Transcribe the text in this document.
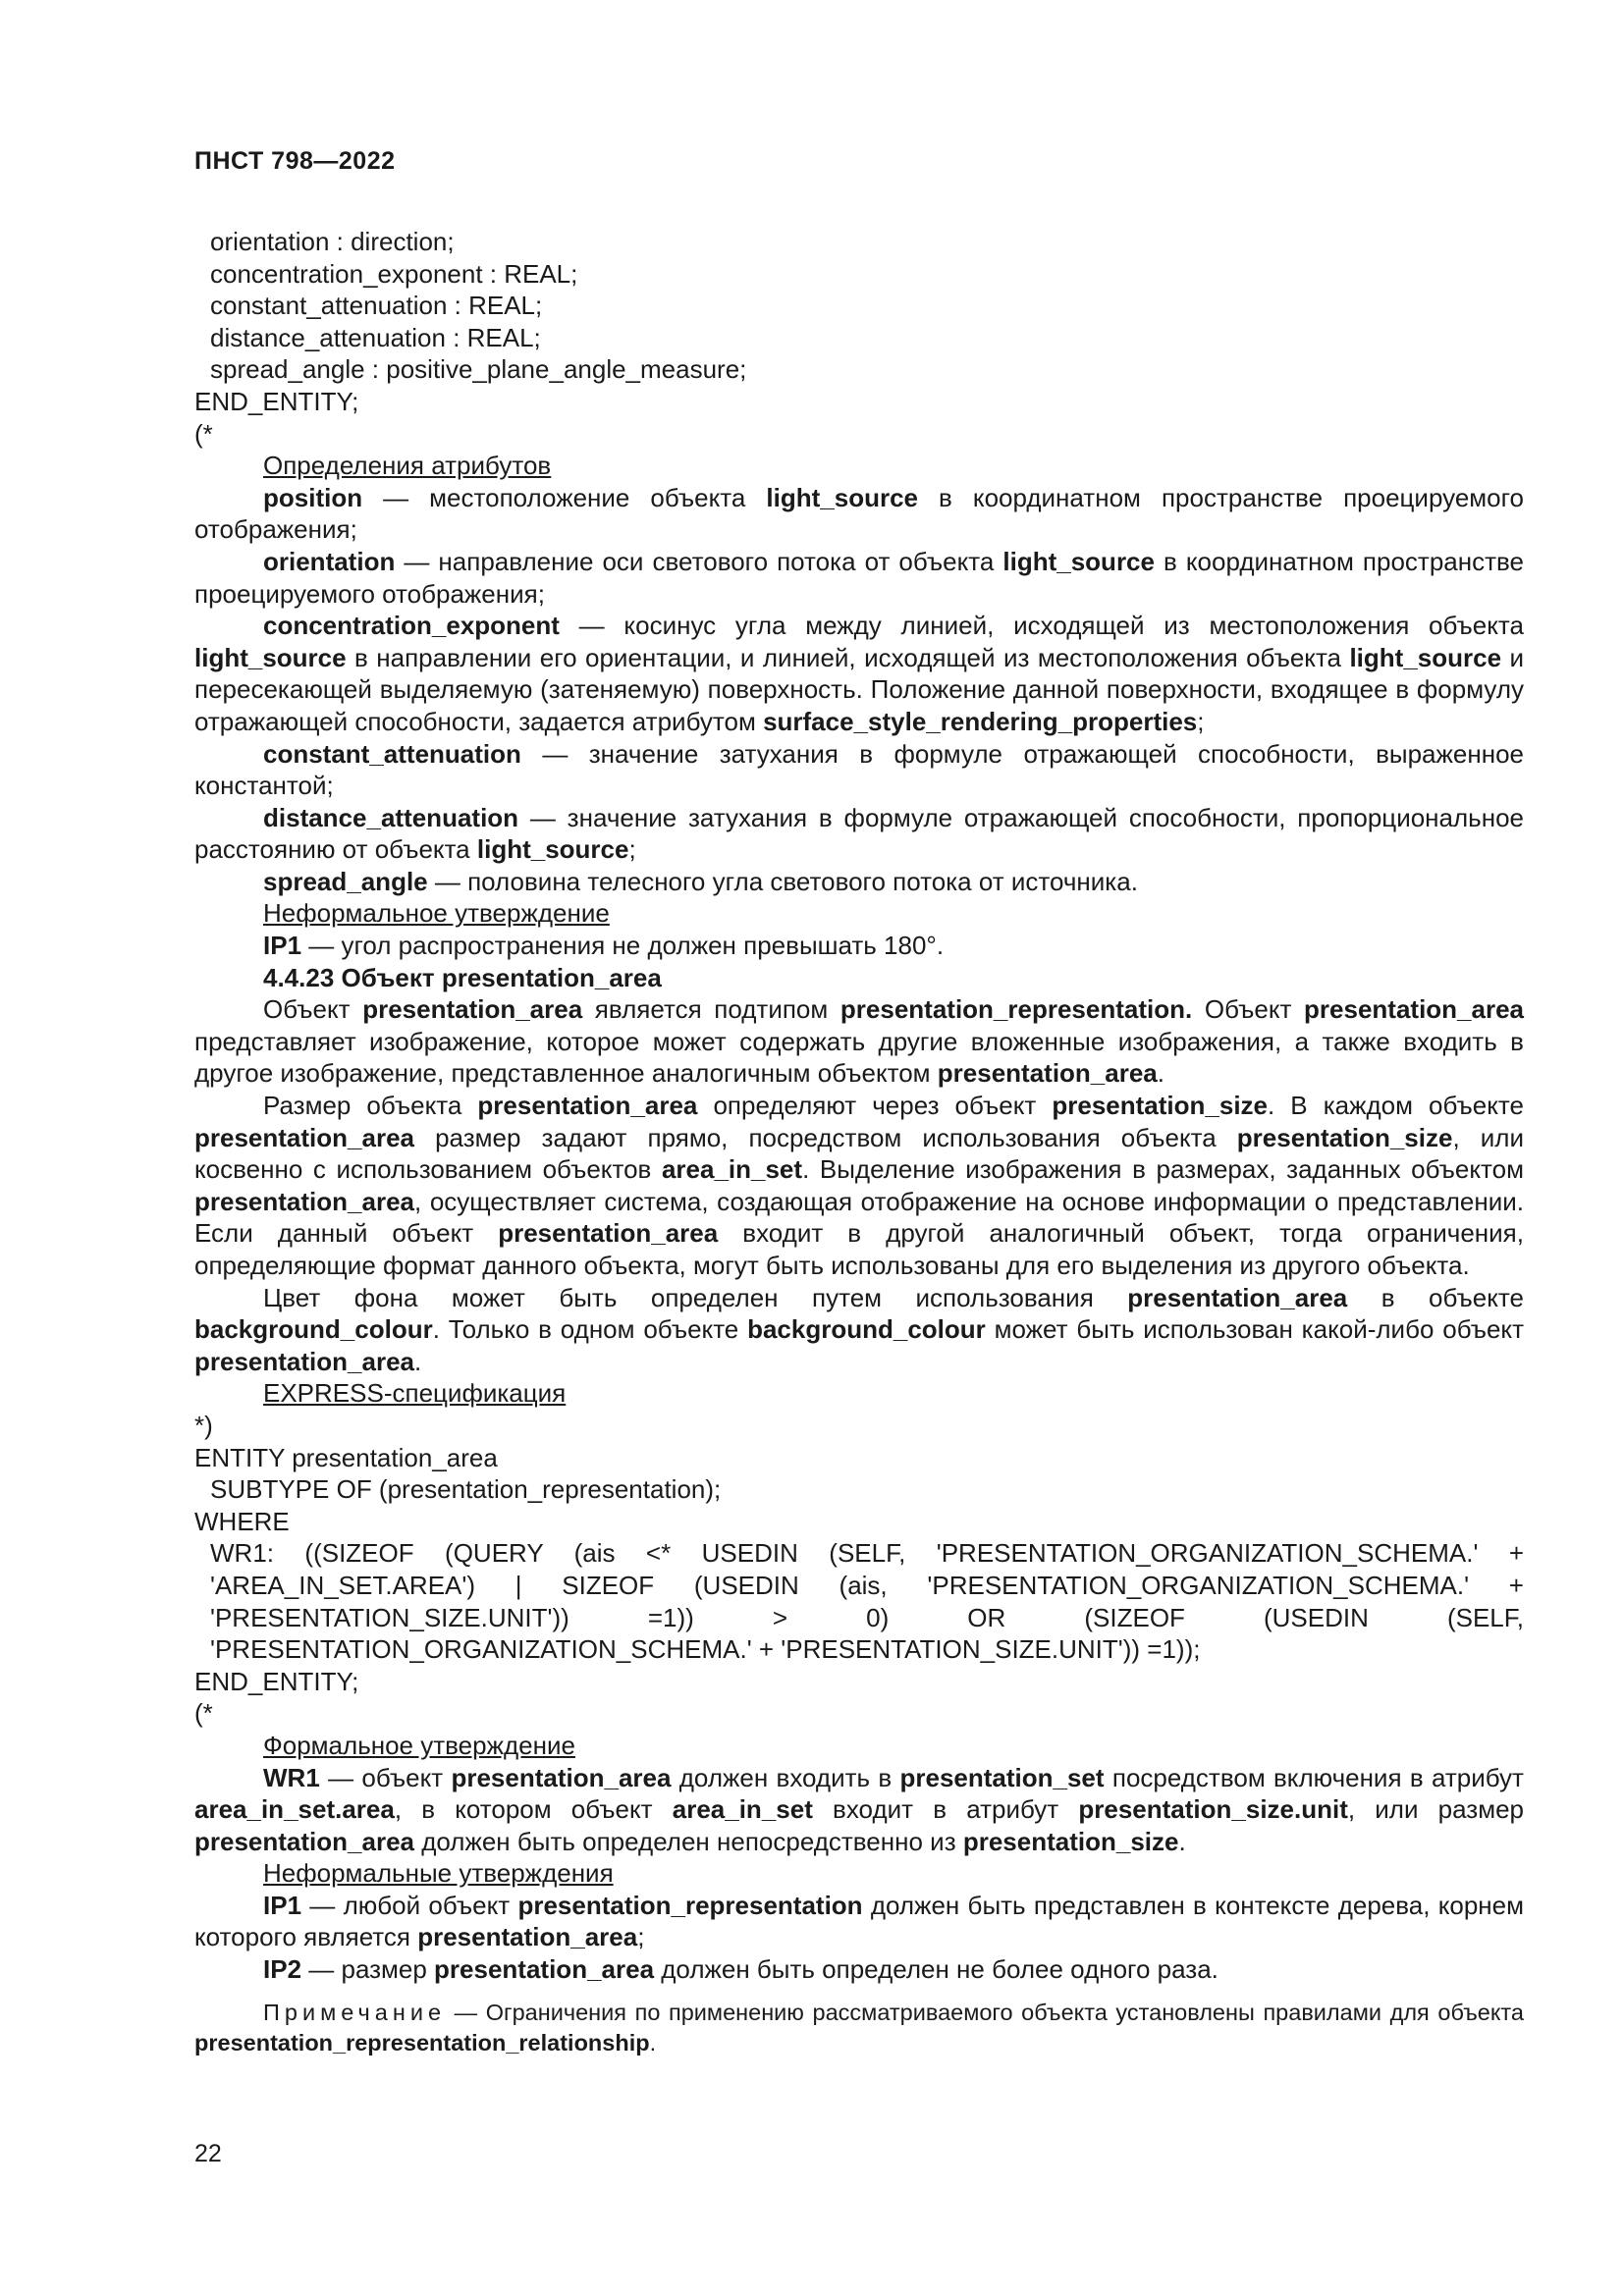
ПНСТ 798—2022
orientation : direction;
concentration_exponent : REAL;
constant_attenuation : REAL;
distance_attenuation : REAL;
spread_angle : positive_plane_angle_measure;
END_ENTITY;
(*
Определения атрибутов

position — местоположение объекта light_source в координатном пространстве проецируемого отображения;

orientation — направление оси светового потока от объекта light_source в координатном пространстве проецируемого отображения;

concentration_exponent — косинус угла между линией, исходящей из местоположения объекта light_source в направлении его ориентации, и линией, исходящей из местоположения объекта light_source и пересекающей выделяемую (затеняемую) поверхность. Положение данной поверхности, входящее в формулу отражающей способности, задается атрибутом surface_style_rendering_properties;

constant_attenuation — значение затухания в формуле отражающей способности, выраженное константой;

distance_attenuation — значение затухания в формуле отражающей способности, пропорциональное расстоянию от объекта light_source;

spread_angle — половина телесного угла светового потока от источника.

Неформальное утверждение

IP1 — угол распространения не должен превышать 180°.

4.4.23 Объект presentation_area

Объект presentation_area является подтипом presentation_representation. Объект presentation_area представляет изображение, которое может содержать другие вложенные изображения, а также входить в другое изображение, представленное аналогичным объектом presentation_area.

Размер объекта presentation_area определяют через объект presentation_size. В каждом объекте presentation_area размер задают прямо, посредством использования объекта presentation_size, или косвенно с использованием объектов area_in_set. Выделение изображения в размерах, заданных объектом presentation_area, осуществляет система, создающая отображение на основе информации о представлении. Если данный объект presentation_area входит в другой аналогичный объект, тогда ограничения, определяющие формат данного объекта, могут быть использованы для его выделения из другого объекта.

Цвет фона может быть определен путем использования presentation_area в объекте background_colour. Только в одном объекте background_colour может быть использован какой-либо объект presentation_area.

EXPRESS-спецификация
*)
ENTITY presentation_area
SUBTYPE OF (presentation_representation);
WHERE

WR1: ((SIZEOF (QUERY (ais <* USEDIN (SELF, 'PRESENTATION_ORGANIZATION_SCHEMA.' + 'AREA_IN_SET.AREA') | SIZEOF (USEDIN (ais, 'PRESENTATION_ORGANIZATION_SCHEMA.' + 'PRESENTATION_SIZE.UNIT')) =1)) > 0) OR (SIZEOF (USEDIN (SELF, 'PRESENTATION_ORGANIZATION_SCHEMA.' + 'PRESENTATION_SIZE.UNIT')) =1));

END_ENTITY;
(*
Формальное утверждение

WR1 — объект presentation_area должен входить в presentation_set посредством включения в атрибут area_in_set.area, в котором объект area_in_set входит в атрибут presentation_size.unit, или размер presentation_area должен быть определен непосредственно из presentation_size.

Неформальные утверждения

IP1 — любой объект presentation_representation должен быть представлен в контексте дерева, корнем которого является presentation_area;

IP2 — размер presentation_area должен быть определен не более одного раза.

Примечание — Ограничения по применению рассматриваемого объекта установлены правилами для объекта presentation_representation_relationship.

22
